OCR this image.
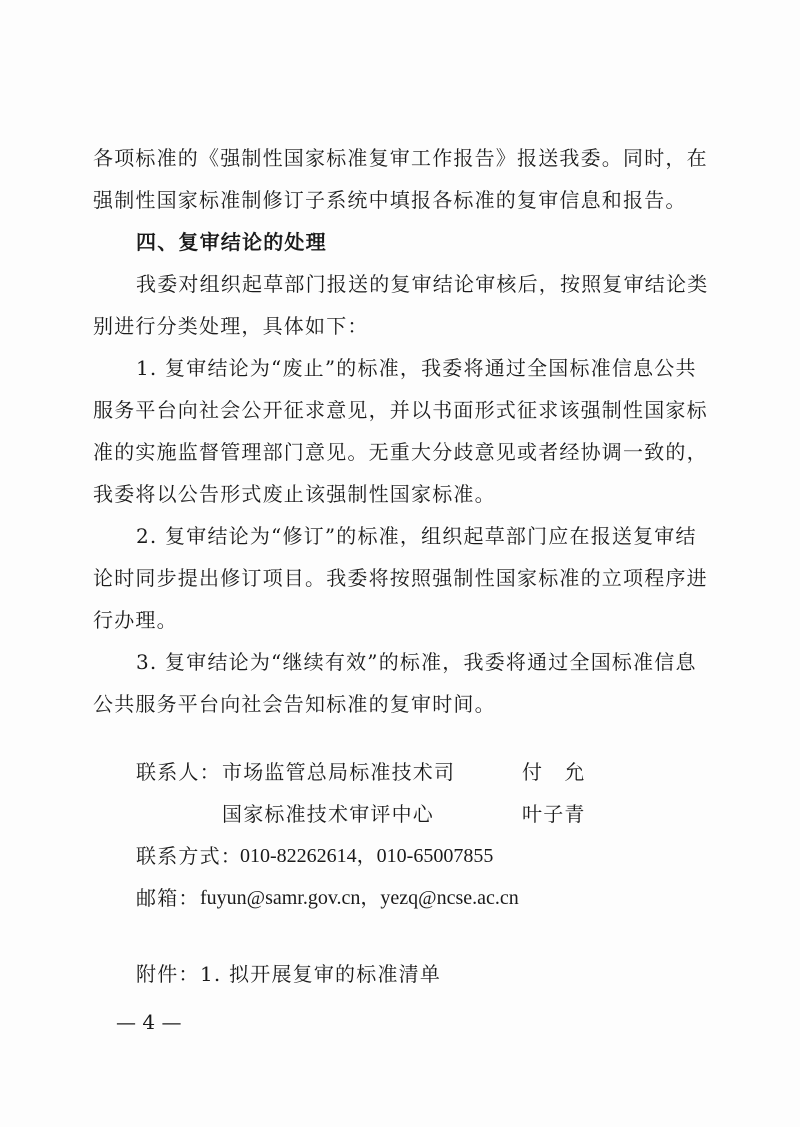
各项标准的《强制性国家标准复审工作报告》报送我委。同时，在
强制性国家标准制修订子系统中填报各标准的复审信息和报告。
四、复审结论的处理
我委对组织起草部门报送的复审结论审核后，按照复审结论类
别进行分类处理，具体如下：
1. 复审结论为“废止”的标准，我委将通过全国标准信息公共
服务平台向社会公开征求意见，并以书面形式征求该强制性国家标
准的实施监督管理部门意见。无重大分歧意见或者经协调一致的，
我委将以公告形式废止该强制性国家标准。
2. 复审结论为“修订”的标准，组织起草部门应在报送复审结
论时同步提出修订项目。我委将按照强制性国家标准的立项程序进
行办理。
3. 复审结论为“继续有效”的标准，我委将通过全国标准信息
公共服务平台向社会告知标准的复审时间。
联系人： 市场监管总局标准技术司	付　允
国家标准技术审评中心	叶子青
联系方式：
010-82262614，010-65007855
邮箱： fuyun@samr.gov.cn，yezq@ncse.ac.cn
附件： 1. 拟开展复审的标准清单
— 4 —
